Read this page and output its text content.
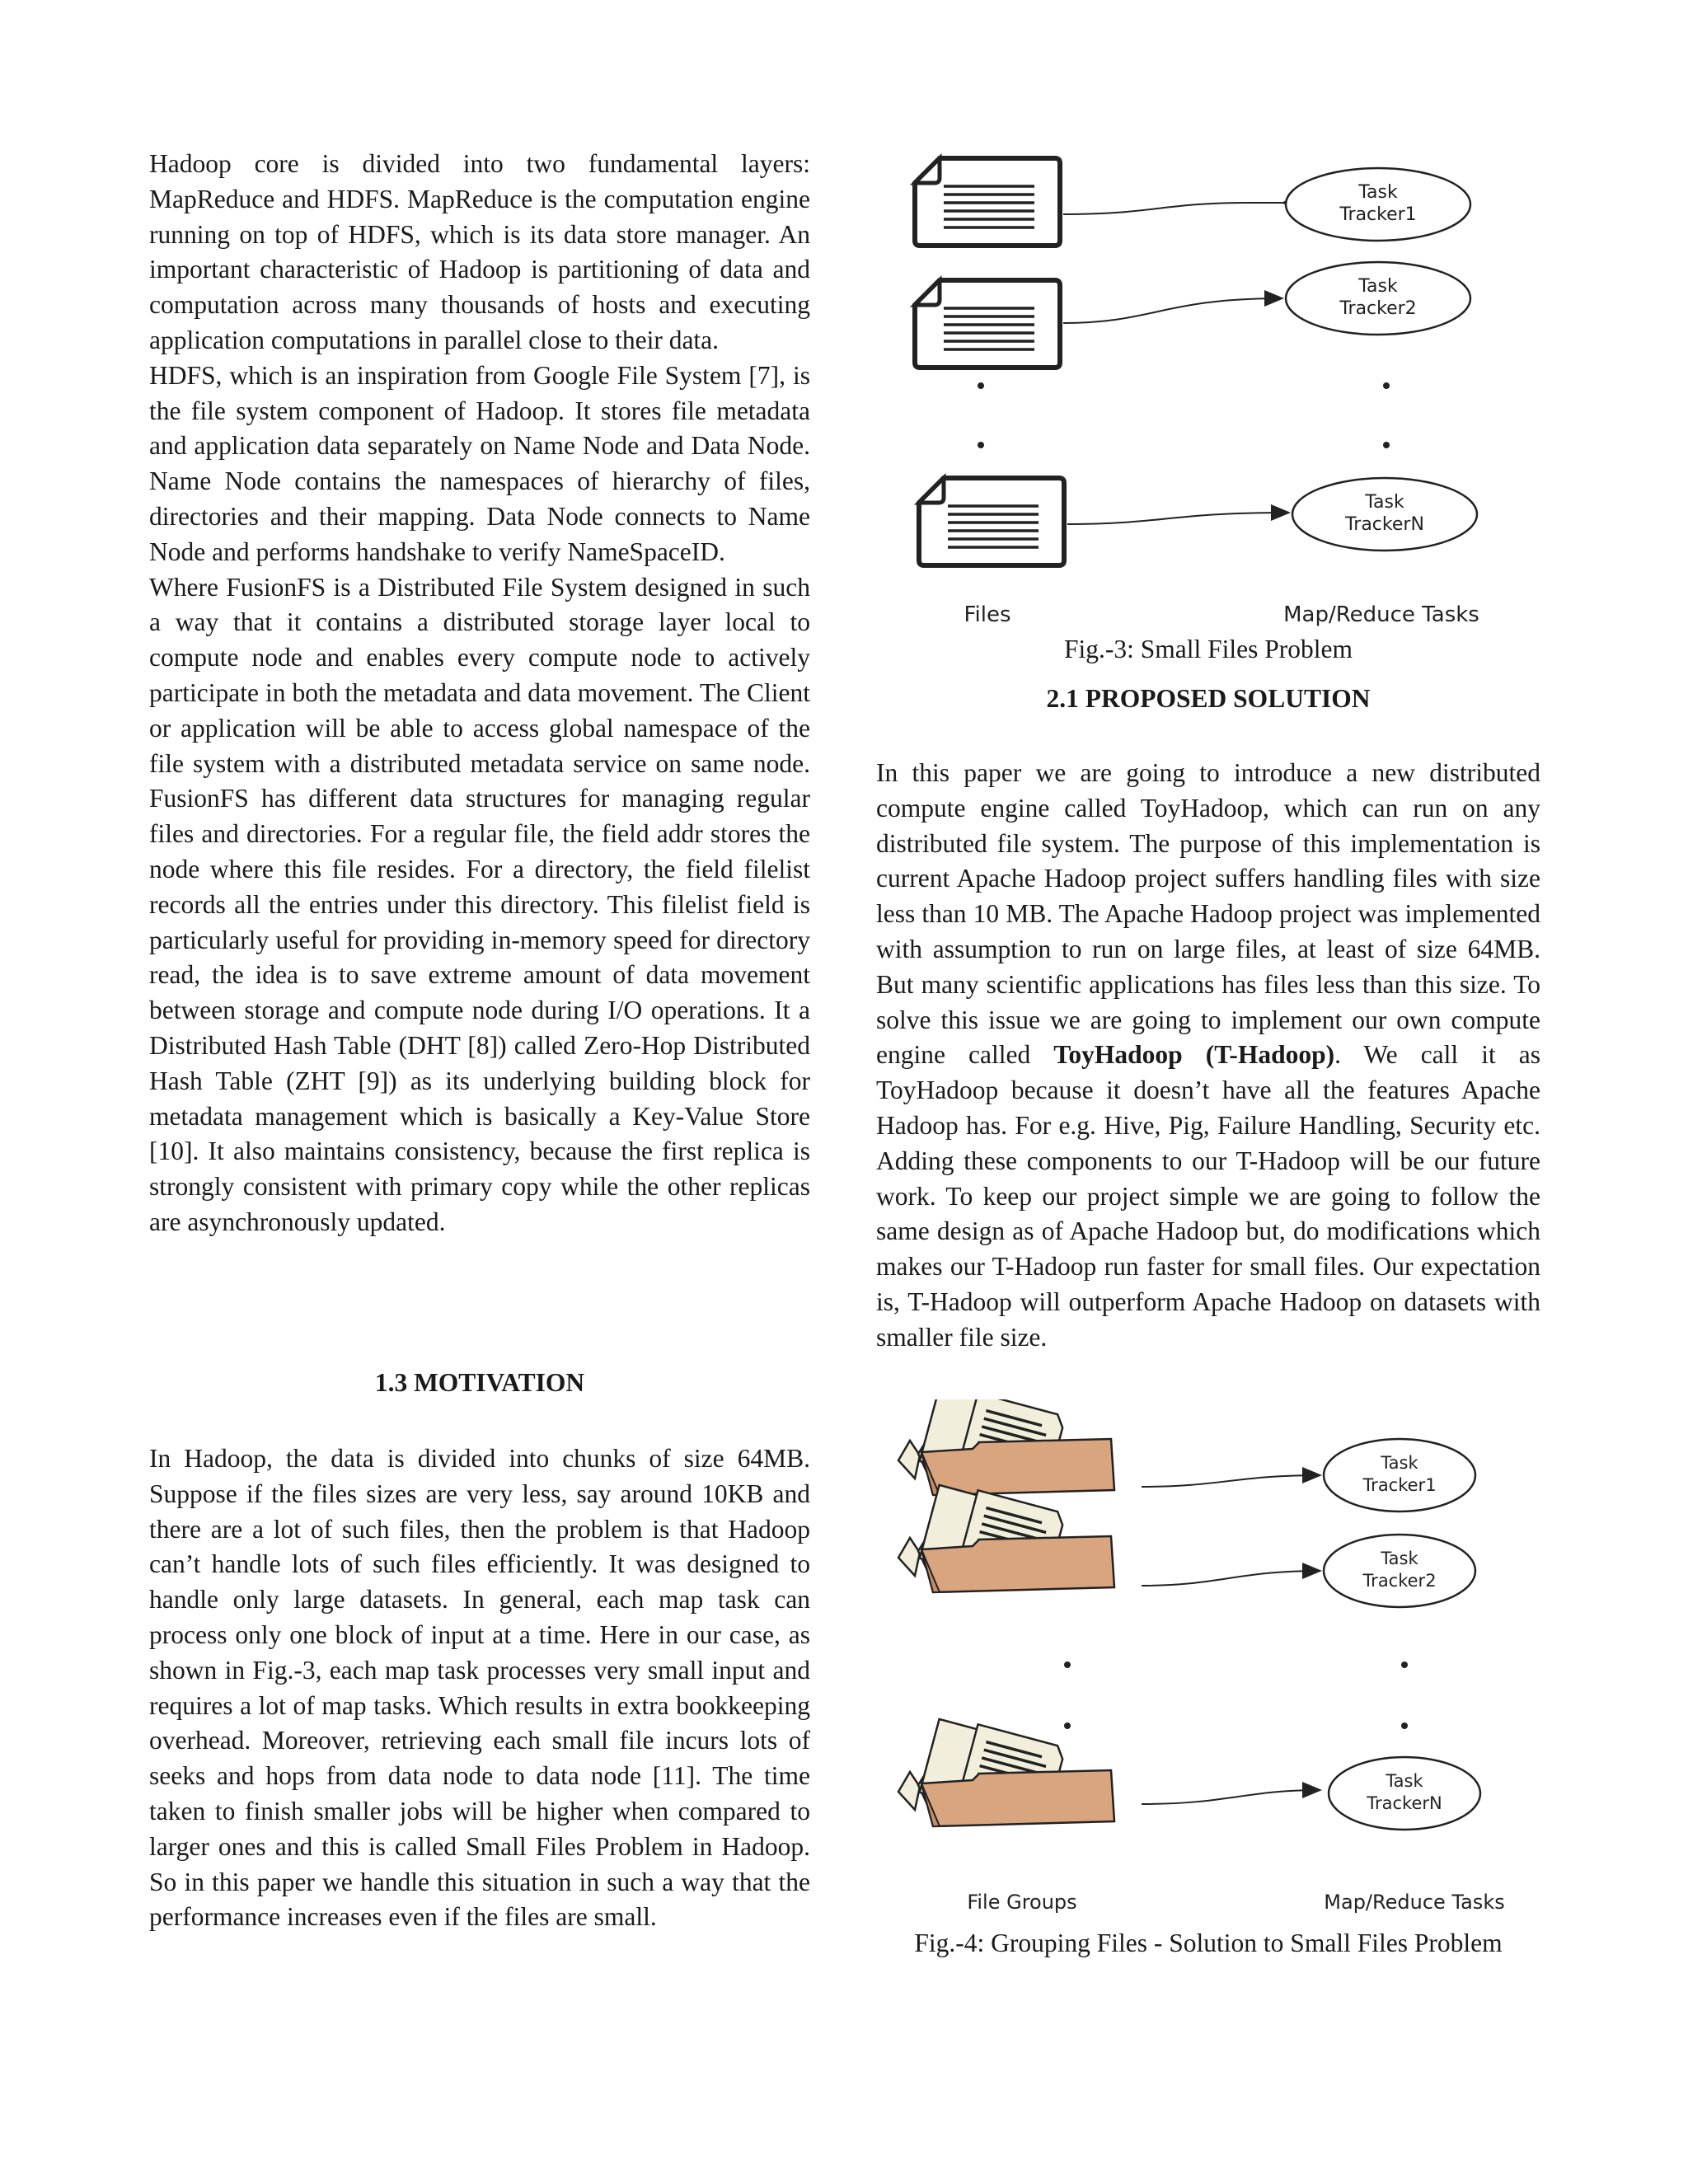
Hadoop core is divided into two fundamental layers: MapReduce and HDFS. MapReduce is the computation engine running on top of HDFS, which is its data store manager. An important characteristic of Hadoop is partitioning of data and computation across many thousands of hosts and executing application computations in parallel close to their data.

HDFS, which is an inspiration from Google File System [7], is the file system component of Hadoop. It stores file metadata and application data separately on Name Node and Data Node. Name Node contains the namespaces of hierarchy of files, directories and their mapping. Data Node connects to Name Node and performs handshake to verify NameSpaceID.

Where FusionFS is a Distributed File System designed in such a way that it contains a distributed storage layer local to compute node and enables every compute node to actively participate in both the metadata and data movement. The Client or application will be able to access global namespace of the file system with a distributed metadata service on same node. FusionFS has different data structures for managing regular files and directories. For a regular file, the field addr stores the node where this file resides. For a directory, the field filelist records all the entries under this directory. This filelist field is particularly useful for providing in-memory speed for directory read, the idea is to save extreme amount of data movement between storage and compute node during I/O operations. It a Distributed Hash Table (DHT [8]) called Zero-Hop Distributed Hash Table (ZHT [9]) as its underlying building block for metadata management which is basically a Key-Value Store [10]. It also maintains consistency, because the first replica is strongly consistent with primary copy while the other replicas are asynchronously updated.

1.3 MOTIVATION

In Hadoop, the data is divided into chunks of size 64MB. Suppose if the files sizes are very less, say around 10KB and there are a lot of such files, then the problem is that Hadoop can’t handle lots of such files efficiently. It was designed to handle only large datasets. In general, each map task can process only one block of input at a time. Here in our case, as shown in Fig.-3, each map task processes very small input and requires a lot of map tasks. Which results in extra bookkeeping overhead. Moreover, retrieving each small file incurs lots of seeks and hops from data node to data node [11]. The time taken to finish smaller jobs will be higher when compared to larger ones and this is called Small Files Problem in Hadoop. So in this paper we handle this situation in such a way that the performance increases even if the files are small.

Task
Tracker1
Task
Tracker2
Task
TrackerN
Files	Map/Reduce Tasks
Fig.-3: Small Files Problem
2.1 PROPOSED SOLUTION

In this paper we are going to introduce a new distributed compute engine called ToyHadoop, which can run on any distributed file system. The purpose of this implementation is current Apache Hadoop project suffers handling files with size less than 10 MB. The Apache Hadoop project was implemented with assumption to run on large files, at least of size 64MB. But many scientific applications has files less than this size. To solve this issue we are going to implement our own compute engine called ToyHadoop (T-Hadoop). We call it as ToyHadoop because it doesn’t have all the features Apache Hadoop has. For e.g. Hive, Pig, Failure Handling, Security etc. Adding these components to our T-Hadoop will be our future work. To keep our project simple we are going to follow the same design as of Apache Hadoop but, do modifications which makes our T-Hadoop run faster for small files. Our expectation is, T-Hadoop will outperform Apache Hadoop on datasets with smaller file size.

Task
Tracker1
Task
Tracker2
Task
TrackerN
File Groups	Map/Reduce Tasks
Fig.-4: Grouping Files - Solution to Small Files Problem
